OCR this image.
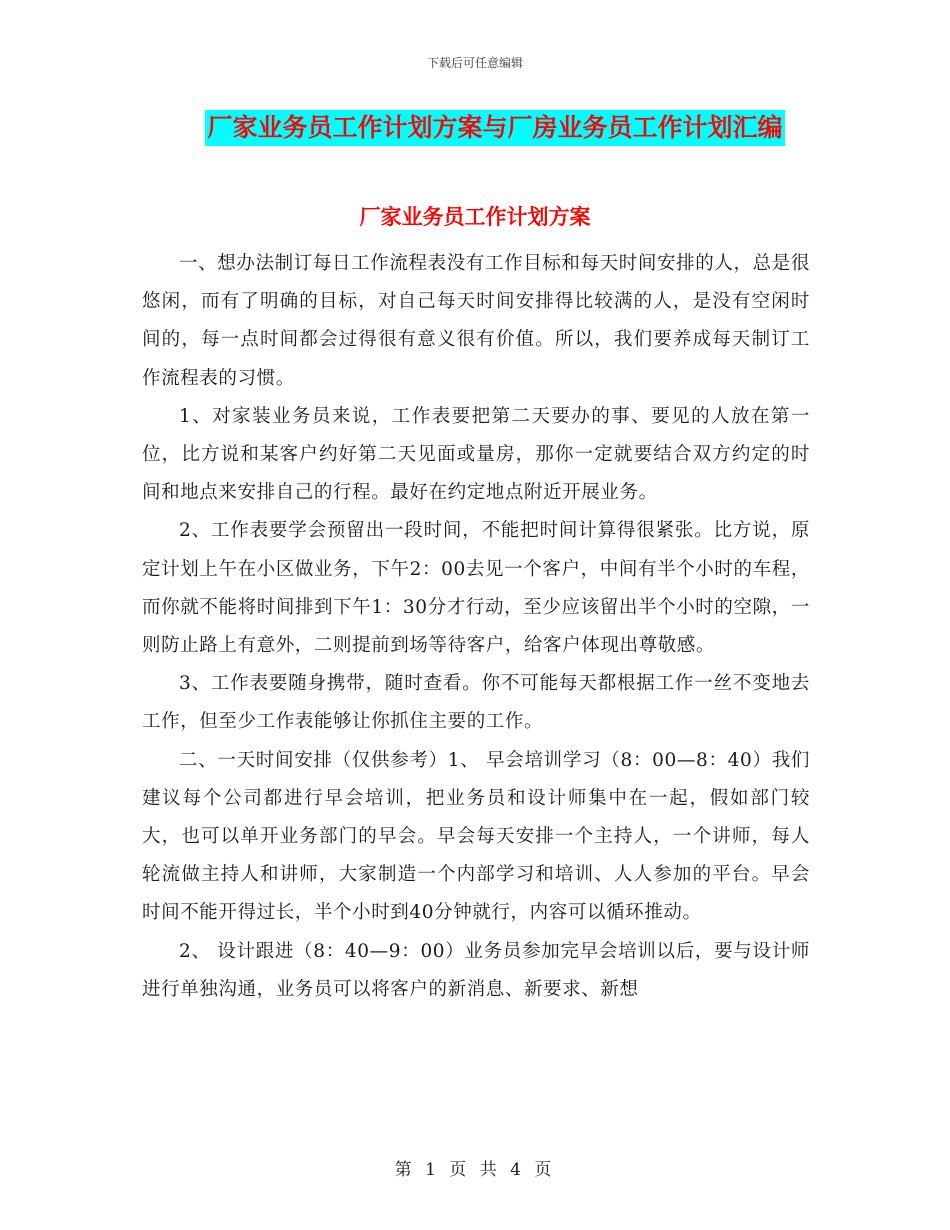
下载后可任意编辑
厂家业务员工作计划方案与厂房业务员工作计划汇编
厂家业务员工作计划方案

一、想办法制订每日工作流程表没有工作目标和每天时间安排的人，总是很悠闲，而有了明确的目标，对自己每天时间安排得比较满的人，是没有空闲时间的，每一点时间都会过得很有意义很有价值。所以，我们要养成每天制订工作流程表的习惯。

1、对家装业务员来说，工作表要把第二天要办的事、要见的人放在第一位，比方说和某客户约好第二天见面或量房，那你一定就要结合双方约定的时间和地点来安排自己的行程。最好在约定地点附近开展业务。

2、工作表要学会预留出一段时间，不能把时间计算得很紧张。比方说，原定计划上午在小区做业务，下午2：00去见一个客户，中间有半个小时的车程，而你就不能将时间排到下午1：30分才行动，至少应该留出半个小时的空隙，一则防止路上有意外，二则提前到场等待客户，给客户体现出尊敬感。

3、工作表要随身携带，随时查看。你不可能每天都根据工作一丝不变地去工作，但至少工作表能够让你抓住主要的工作。

二、一天时间安排（仅供参考）1、 早会培训学习（8：00—8：40）我们建议每个公司都进行早会培训，把业务员和设计师集中在一起，假如部门较大，也可以单开业务部门的早会。早会每天安排一个主持人，一个讲师，每人轮流做主持人和讲师，大家制造一个内部学习和培训、人人参加的平台。早会时间不能开得过长，半个小时到40分钟就行，内容可以循环推动。

2、 设计跟进（8：40—9：00）业务员参加完早会培训以后，要与设计师进行单独沟通，业务员可以将客户的新消息、新要求、新想

第 1 页 共 4 页
